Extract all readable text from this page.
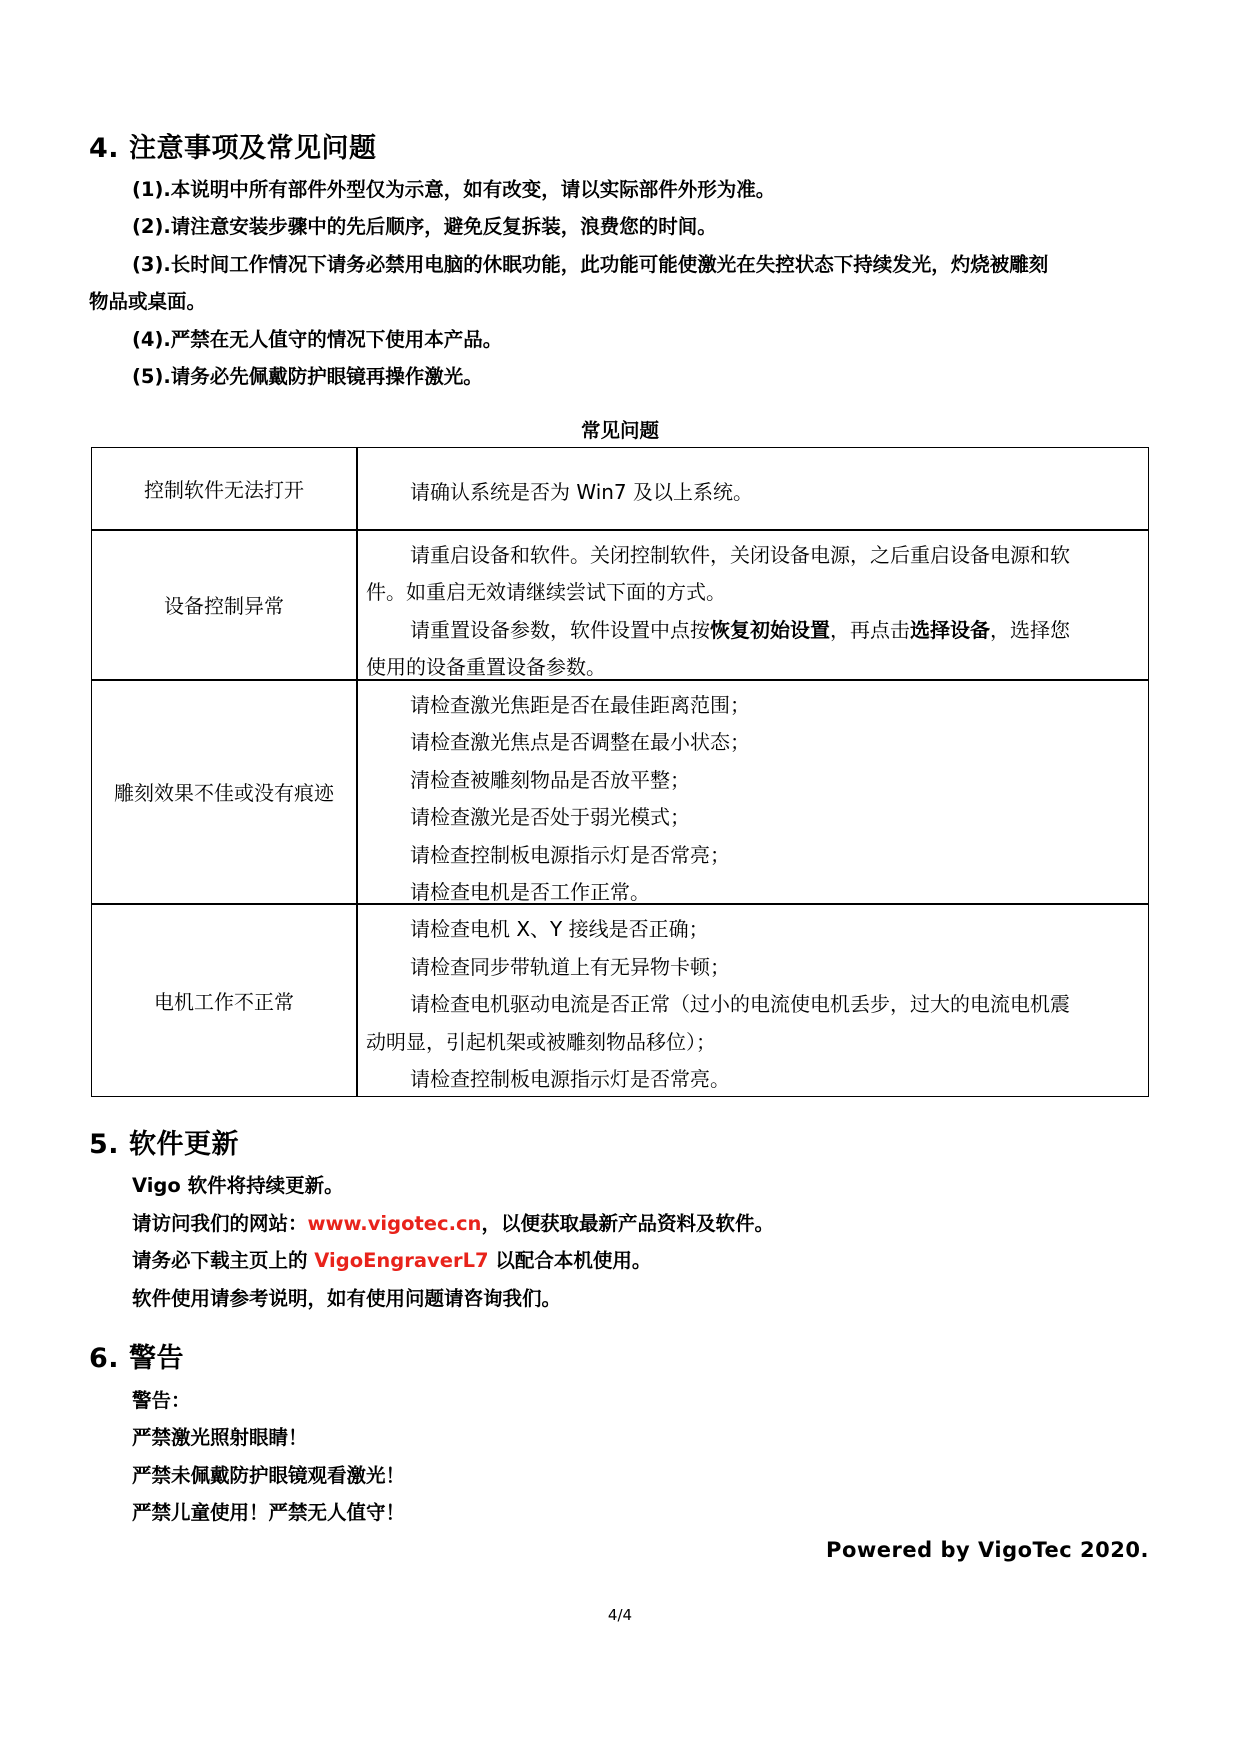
4. 注意事项及常见问题
(1).本说明中所有部件外型仅为示意，如有改变，请以实际部件外形为准。
(2).请注意安装步骤中的先后顺序，避免反复拆装，浪费您的时间。
(3).长时间工作情况下请务必禁用电脑的休眠功能，此功能可能使激光在失控状态下持续发光，灼烧被雕刻
物品或桌面。
(4).严禁在无人值守的情况下使用本产品。
(5).请务必先佩戴防护眼镜再操作激光。
常见问题
控制软件无法打开	请确认系统是否为 Win7 及以上系统。
设备控制异常
请重启设备和软件。关闭控制软件，关闭设备电源，之后重启设备电源和软
件。如重启无效请继续尝试下面的方式。
请重置设备参数，软件设置中点按恢复初始设置，再点击选择设备，选择您
使用的设备重置设备参数。
雕刻效果不佳或没有痕迹
请检查激光焦距是否在最佳距离范围；
请检查激光焦点是否调整在最小状态；
清检查被雕刻物品是否放平整；
请检查激光是否处于弱光模式；
请检查控制板电源指示灯是否常亮；
请检查电机是否工作正常。
电机工作不正常
请检查电机 X、Y 接线是否正确；
请检查同步带轨道上有无异物卡顿；
请检查电机驱动电流是否正常（过小的电流使电机丢步，过大的电流电机震
动明显，引起机架或被雕刻物品移位）；
请检查控制板电源指示灯是否常亮。
5. 软件更新
Vigo 软件将持续更新。
请访问我们的网站：www.vigotec.cn，以便获取最新产品资料及软件。
请务必下载主页上的 VigoEngraverL7 以配合本机使用。
软件使用请参考说明，如有使用问题请咨询我们。
6. 警告
警告：
严禁激光照射眼睛！
严禁未佩戴防护眼镜观看激光！
严禁儿童使用！严禁无人值守！
Powered by VigoTec 2020.
4/4
